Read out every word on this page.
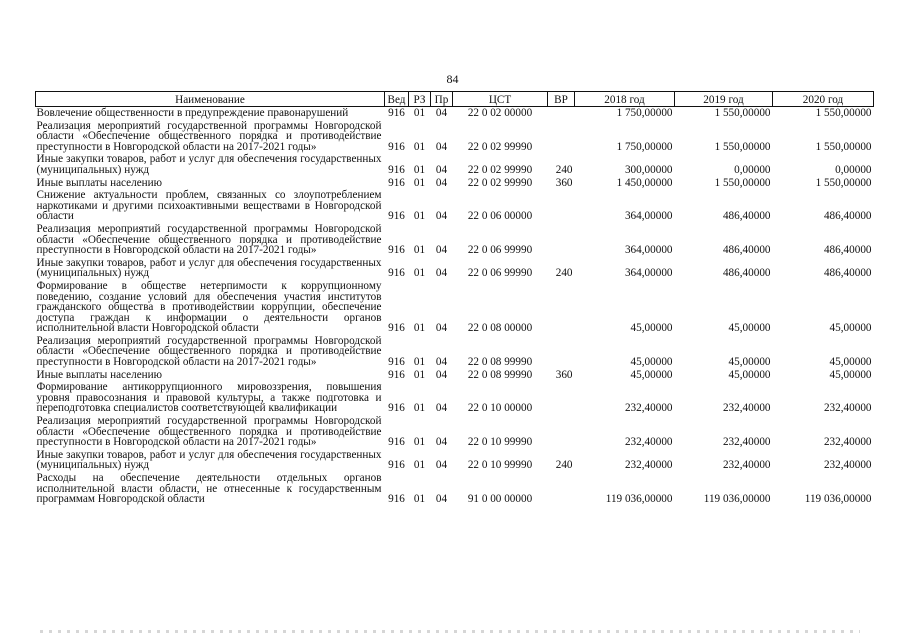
84
Наименование	Вед	РЗ	Пр	ЦСТ	ВР	2018 год	2019 год	2020 год
Вовлечение общественности в предупреждение правонарушений	916	01	04	22 0 02 00000		1 750,00000	1 550,00000	1 550,00000
Реализация мероприятий государственной программы Новгородской области «Обеспечение общественного порядка и противодействие преступности в Новгородской области на 2017-2021 годы»	916	01	04	22 0 02 99990		1 750,00000	1 550,00000	1 550,00000
Иные закупки товаров, работ и услуг для обеспечения государственных (муниципальных) нужд	916	01	04	22 0 02 99990	240	300,00000	0,00000	0,00000
Иные выплаты населению	916	01	04	22 0 02 99990	360	1 450,00000	1 550,00000	1 550,00000
Снижение актуальности проблем, связанных со злоупотреблением наркотиками и другими психоактивными веществами в Новгородской области	916	01	04	22 0 06 00000		364,00000	486,40000	486,40000
Реализация мероприятий государственной программы Новгородской области «Обеспечение общественного порядка и противодействие преступности в Новгородской области на 2017-2021 годы»	916	01	04	22 0 06 99990		364,00000	486,40000	486,40000
Иные закупки товаров, работ и услуг для обеспечения государственных (муниципальных) нужд	916	01	04	22 0 06 99990	240	364,00000	486,40000	486,40000
Формирование в обществе нетерпимости к коррупционному поведению, создание условий для обеспечения участия институтов гражданского общества в противодействии коррупции, обеспечение доступа граждан к информации о деятельности органов исполнительной власти Новгородской области	916	01	04	22 0 08 00000		45,00000	45,00000	45,00000
Реализация мероприятий государственной программы Новгородской области «Обеспечение общественного порядка и противодействие преступности в Новгородской области на 2017-2021 годы»	916	01	04	22 0 08 99990		45,00000	45,00000	45,00000
Иные выплаты населению	916	01	04	22 0 08 99990	360	45,00000	45,00000	45,00000
Формирование антикоррупционного мировоззрения, повышения уровня правосознания и правовой культуры, а также подготовка и переподготовка специалистов соответствующей квалификации	916	01	04	22 0 10 00000		232,40000	232,40000	232,40000
Реализация мероприятий государственной программы Новгородской области «Обеспечение общественного порядка и противодействие преступности в Новгородской области на 2017-2021 годы»	916	01	04	22 0 10 99990		232,40000	232,40000	232,40000
Иные закупки товаров, работ и услуг для обеспечения государственных (муниципальных) нужд	916	01	04	22 0 10 99990	240	232,40000	232,40000	232,40000
Расходы на обеспечение деятельности отдельных органов исполнительной власти области, не отнесенные к государственным программам Новгородской области	916	01	04	91 0 00 00000		119 036,00000	119 036,00000	119 036,00000
